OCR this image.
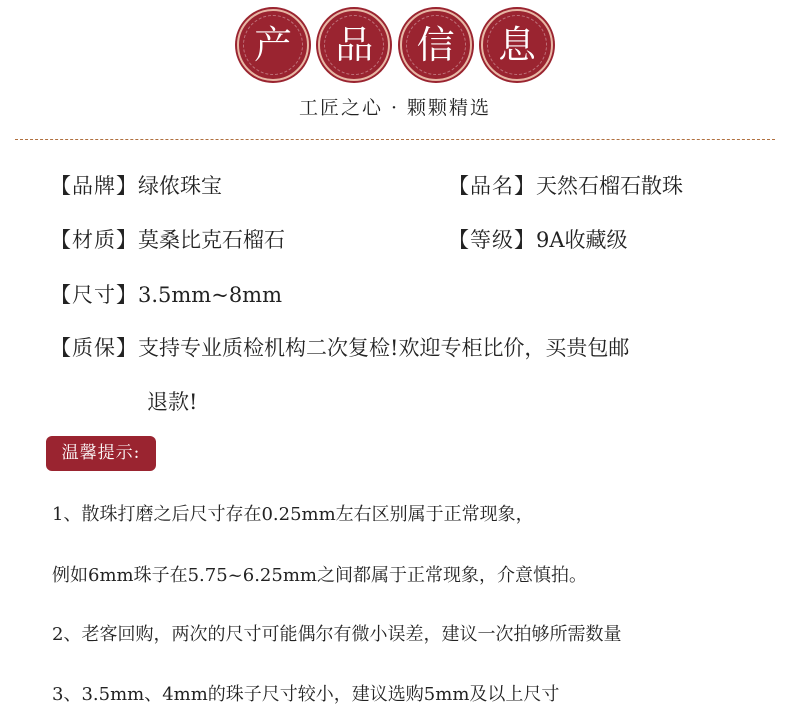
产	品	信	息
工匠之心 · 颗颗精选
【品牌】绿侬珠宝	【品名】天然石榴石散珠
【材质】莫桑比克石榴石	【等级】9A收藏级
【尺寸】3.5mm~8mm
【质保】支持专业质检机构二次复检!欢迎专柜比价，买贵包邮
退款!
温馨提示:
1、散珠打磨之后尺寸存在0.25mm左右区别属于正常现象，
例如6mm珠子在5.75~6.25mm之间都属于正常现象，介意慎拍。
2、老客回购，两次的尺寸可能偶尔有微小误差，建议一次拍够所需数量
3、3.5mm、4mm的珠子尺寸较小，建议选购5mm及以上尺寸
